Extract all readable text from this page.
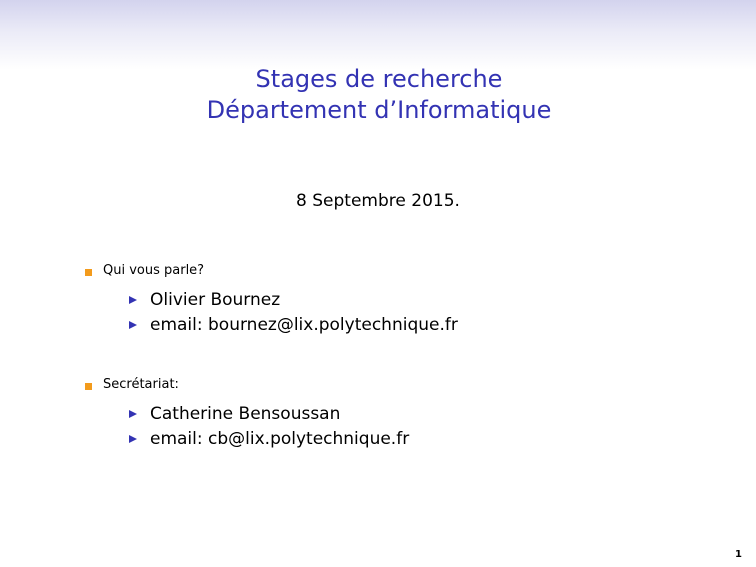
Stages de recherche
Département d’Informatique
8 Septembre 2015.
Qui vous parle?
Olivier Bournez
email: bournez@lix.polytechnique.fr
Secrétariat:
Catherine Bensoussan
email: cb@lix.polytechnique.fr
1
